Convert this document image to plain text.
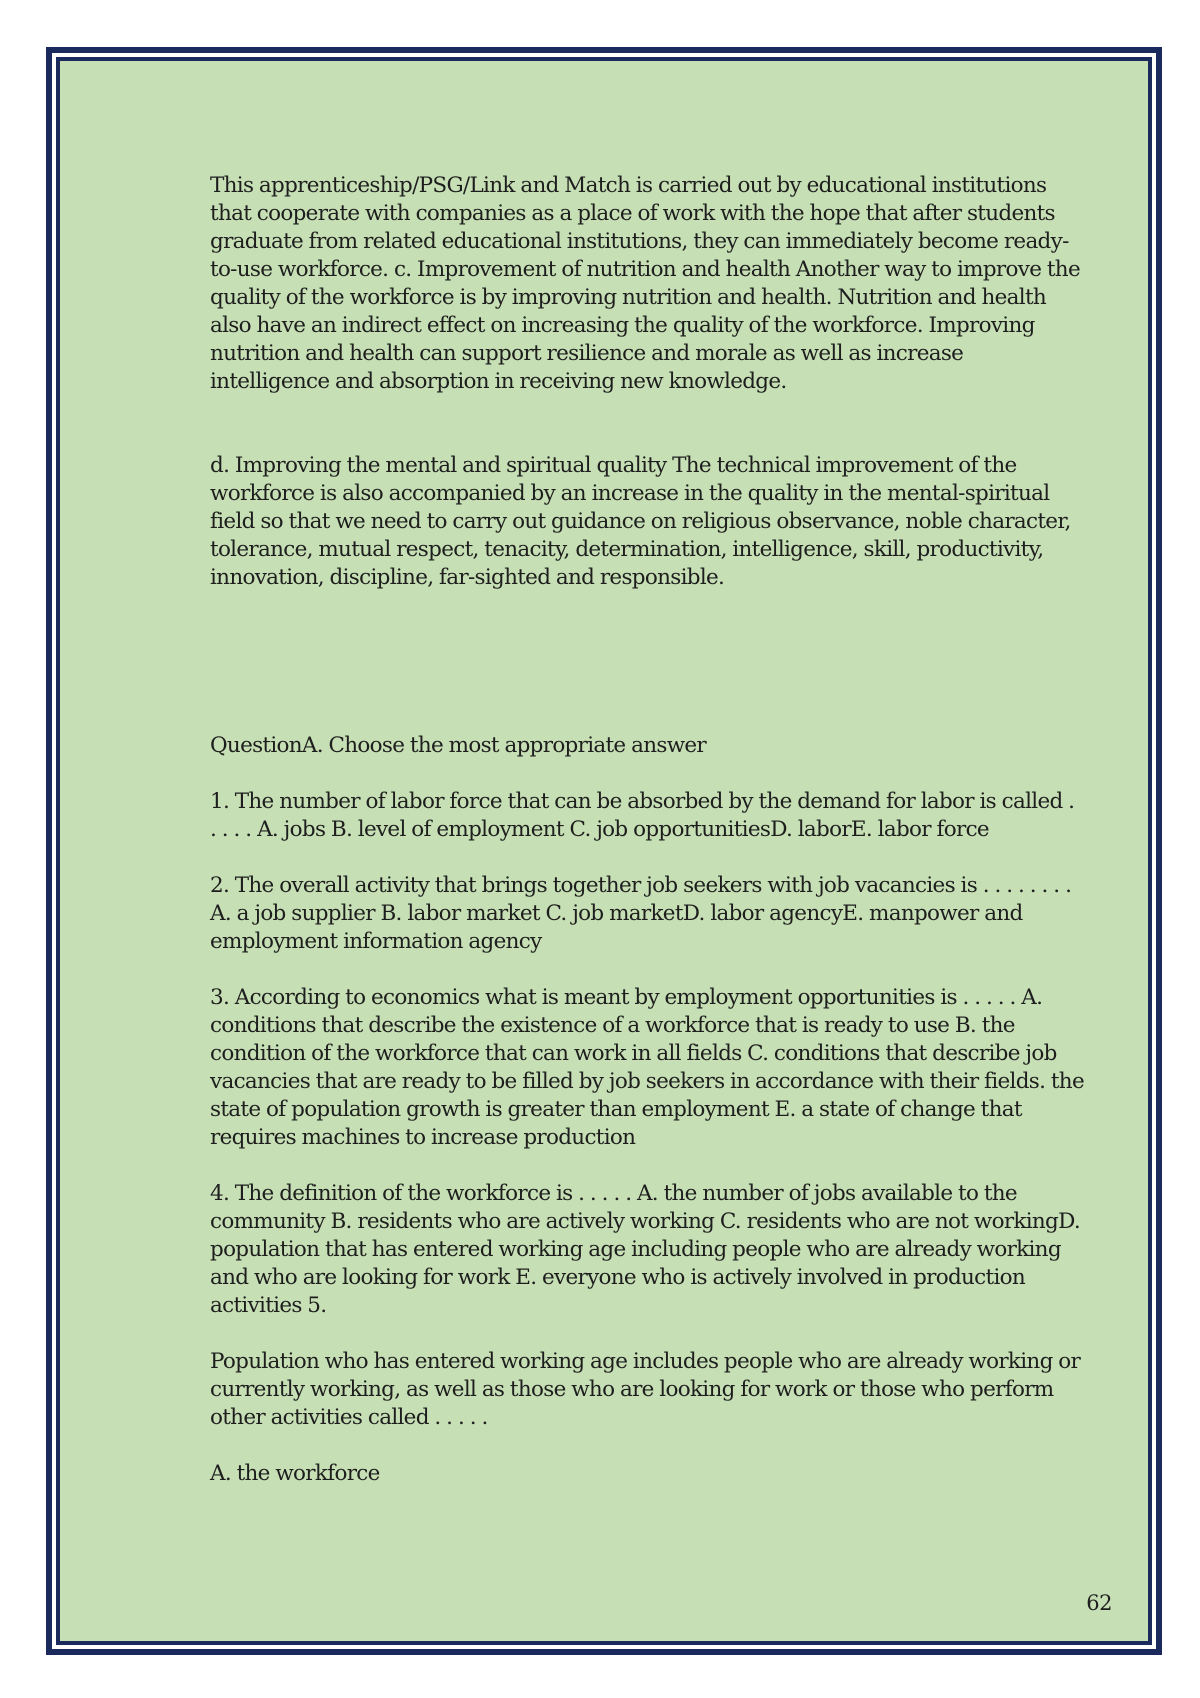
This apprenticeship/PSG/Link and Match is carried out by educational institutions that cooperate with companies as a place of work with the hope that after students graduate from related educational institutions, they can immediately become ready-to-use workforce. c. Improvement of nutrition and health Another way to improve the quality of the workforce is by improving nutrition and health. Nutrition and health also have an indirect effect on increasing the quality of the workforce. Improving nutrition and health can support resilience and morale as well as increase intelligence and absorption in receiving new knowledge.

d. Improving the mental and spiritual quality The technical improvement of the workforce is also accompanied by an increase in the quality in the mental-spiritual field so that we need to carry out guidance on religious observance, noble character, tolerance, mutual respect, tenacity, determination, intelligence, skill, productivity, innovation, discipline, far-sighted and responsible.

QuestionA. Choose the most appropriate answer

1. The number of labor force that can be absorbed by the demand for labor is called . . . . . A. jobs B. level of employment C. job opportunitiesD. laborE. labor force

2. The overall activity that brings together job seekers with job vacancies is . . . . . . . . A. a job supplier B. labor market C. job marketD. labor agencyE. manpower and employment information agency

3. According to economics what is meant by employment opportunities is . . . . . A. conditions that describe the existence of a workforce that is ready to use B. the condition of the workforce that can work in all fields C. conditions that describe job vacancies that are ready to be filled by job seekers in accordance with their fields. the state of population growth is greater than employment E. a state of change that requires machines to increase production

4. The definition of the workforce is . . . . . A. the number of jobs available to the community B. residents who are actively working C. residents who are not workingD. population that has entered working age including people who are already working and who are looking for work E. everyone who is actively involved in production activities 5.

Population who has entered working age includes people who are already working or currently working, as well as those who are looking for work or those who perform other activities called . . . . .

A. the workforce

62
